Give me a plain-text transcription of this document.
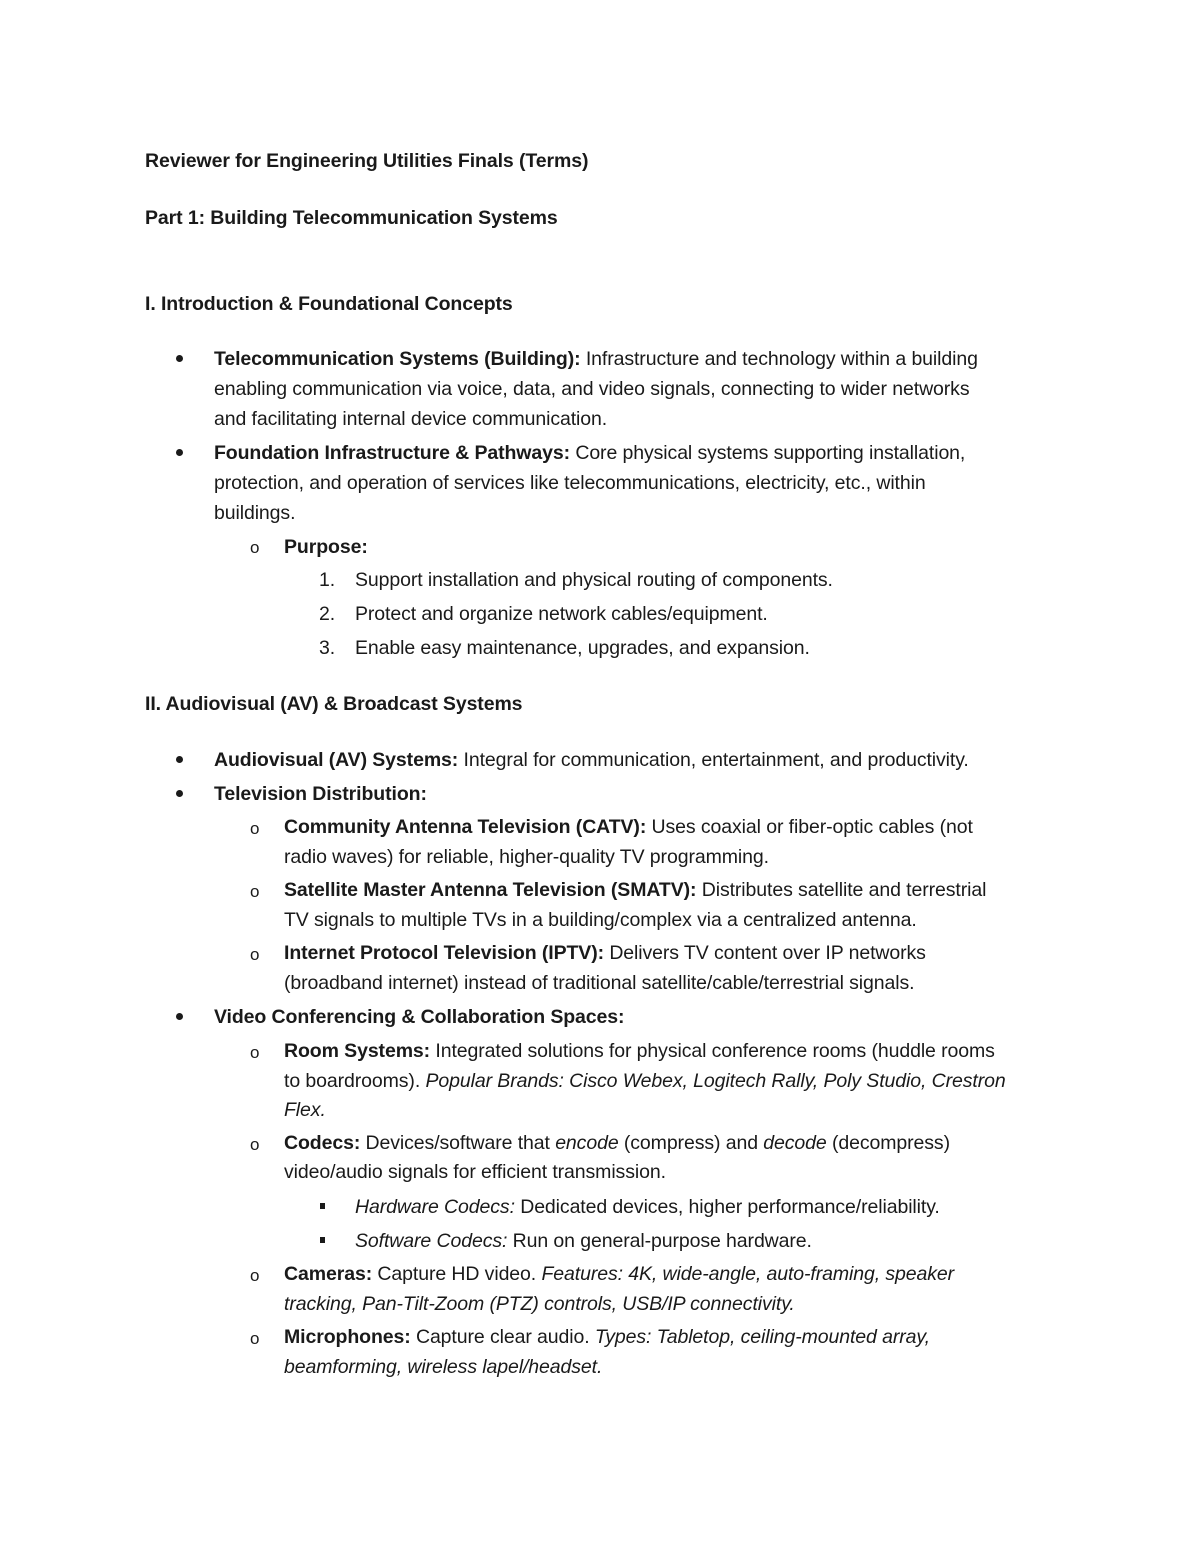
Reviewer for Engineering Utilities Finals (Terms)
Part 1: Building Telecommunication Systems
I. Introduction & Foundational Concepts
Telecommunication Systems (Building): Infrastructure and technology within a building
enabling communication via voice, data, and video signals, connecting to wider networks
and facilitating internal device communication.
Foundation Infrastructure & Pathways: Core physical systems supporting installation,
protection, and operation of services like telecommunications, electricity, etc., within
buildings.
o Purpose:
1. Support installation and physical routing of components.
2. Protect and organize network cables/equipment.
3. Enable easy maintenance, upgrades, and expansion.
II. Audiovisual (AV) & Broadcast Systems
Audiovisual (AV) Systems: Integral for communication, entertainment, and productivity.
Television Distribution:
o Community Antenna Television (CATV): Uses coaxial or fiber-optic cables (not
radio waves) for reliable, higher-quality TV programming.
o Satellite Master Antenna Television (SMATV): Distributes satellite and terrestrial
TV signals to multiple TVs in a building/complex via a centralized antenna.
o Internet Protocol Television (IPTV): Delivers TV content over IP networks
(broadband internet) instead of traditional satellite/cable/terrestrial signals.
Video Conferencing & Collaboration Spaces:
o Room Systems: Integrated solutions for physical conference rooms (huddle rooms
to boardrooms). Popular Brands: Cisco Webex, Logitech Rally, Poly Studio, Crestron
Flex.
o Codecs: Devices/software that encode (compress) and decode (decompress)
video/audio signals for efficient transmission.
Hardware Codecs: Dedicated devices, higher performance/reliability.
Software Codecs: Run on general-purpose hardware.
o Cameras: Capture HD video. Features: 4K, wide-angle, auto-framing, speaker
tracking, Pan-Tilt-Zoom (PTZ) controls, USB/IP connectivity.
o Microphones: Capture clear audio. Types: Tabletop, ceiling-mounted array,
beamforming, wireless lapel/headset.
